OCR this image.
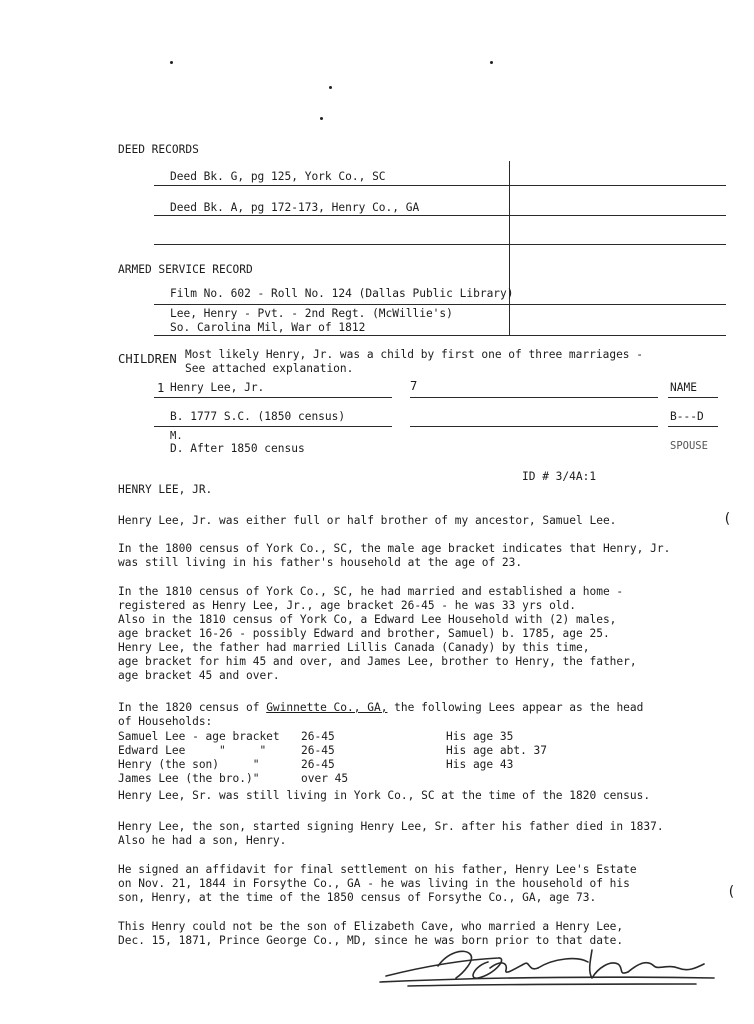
DEED RECORDS
Deed Bk. G, pg 125, York Co., SC
Deed Bk. A, pg 172-173, Henry Co., GA
ARMED SERVICE RECORD
Film No. 602 - Roll No. 124 (Dallas Public Library)
Lee, Henry - Pvt. - 2nd Regt. (McWillie's)
So. Carolina Mil, War of 1812
CHILDREN Most likely Henry, Jr. was a child by first one of three marriages -
See attached explanation.
1 Henry Lee, Jr.	7	NAME
B. 1777 S.C. (1850 census)	B---D
M.
D. After 1850 census	SPOUSE
ID # 3/4A:1
HENRY LEE, JR.
Henry Lee, Jr. was either full or half brother of my ancestor, Samuel Lee.	(
In the 1800 census of York Co., SC, the male age bracket indicates that Henry, Jr.
was still living in his father's household at the age of 23.
In the 1810 census of York Co., SC, he had married and established a home -
registered as Henry Lee, Jr., age bracket 26-45 - he was 33 yrs old.
Also in the 1810 census of York Co, a Edward Lee Household with (2) males,
age bracket 16-26 - possibly Edward and brother, Samuel) b. 1785, age 25.
Henry Lee, the father had married Lillis Canada (Canady) by this time,
age bracket for him 45 and over, and James Lee, brother to Henry, the father,
age bracket 45 and over.
In the 1820 census of Gwinnette Co., GA, the following Lees appear as the head
of Households:
Samuel Lee - age bracket 26-45	His age 35
Edward Lee     "     "	26-45	His age abt. 37
Henry (the son)     "	26-45	His age 43
James Lee (the bro.)"	over 45
Henry Lee, Sr. was still living in York Co., SC at the time of the 1820 census.
Henry Lee, the son, started signing Henry Lee, Sr. after his father died in 1837.
Also he had a son, Henry.
He signed an affidavit for final settlement on his father, Henry Lee's Estate
on Nov. 21, 1844 in Forsythe Co., GA - he was living in the household of his
son, Henry, at the time of the 1850 census of Forsythe Co., GA, age 73.	(
This Henry could not be the son of Elizabeth Cave, who married a Henry Lee,
Dec. 15, 1871, Prince George Co., MD, since he was born prior to that date.
